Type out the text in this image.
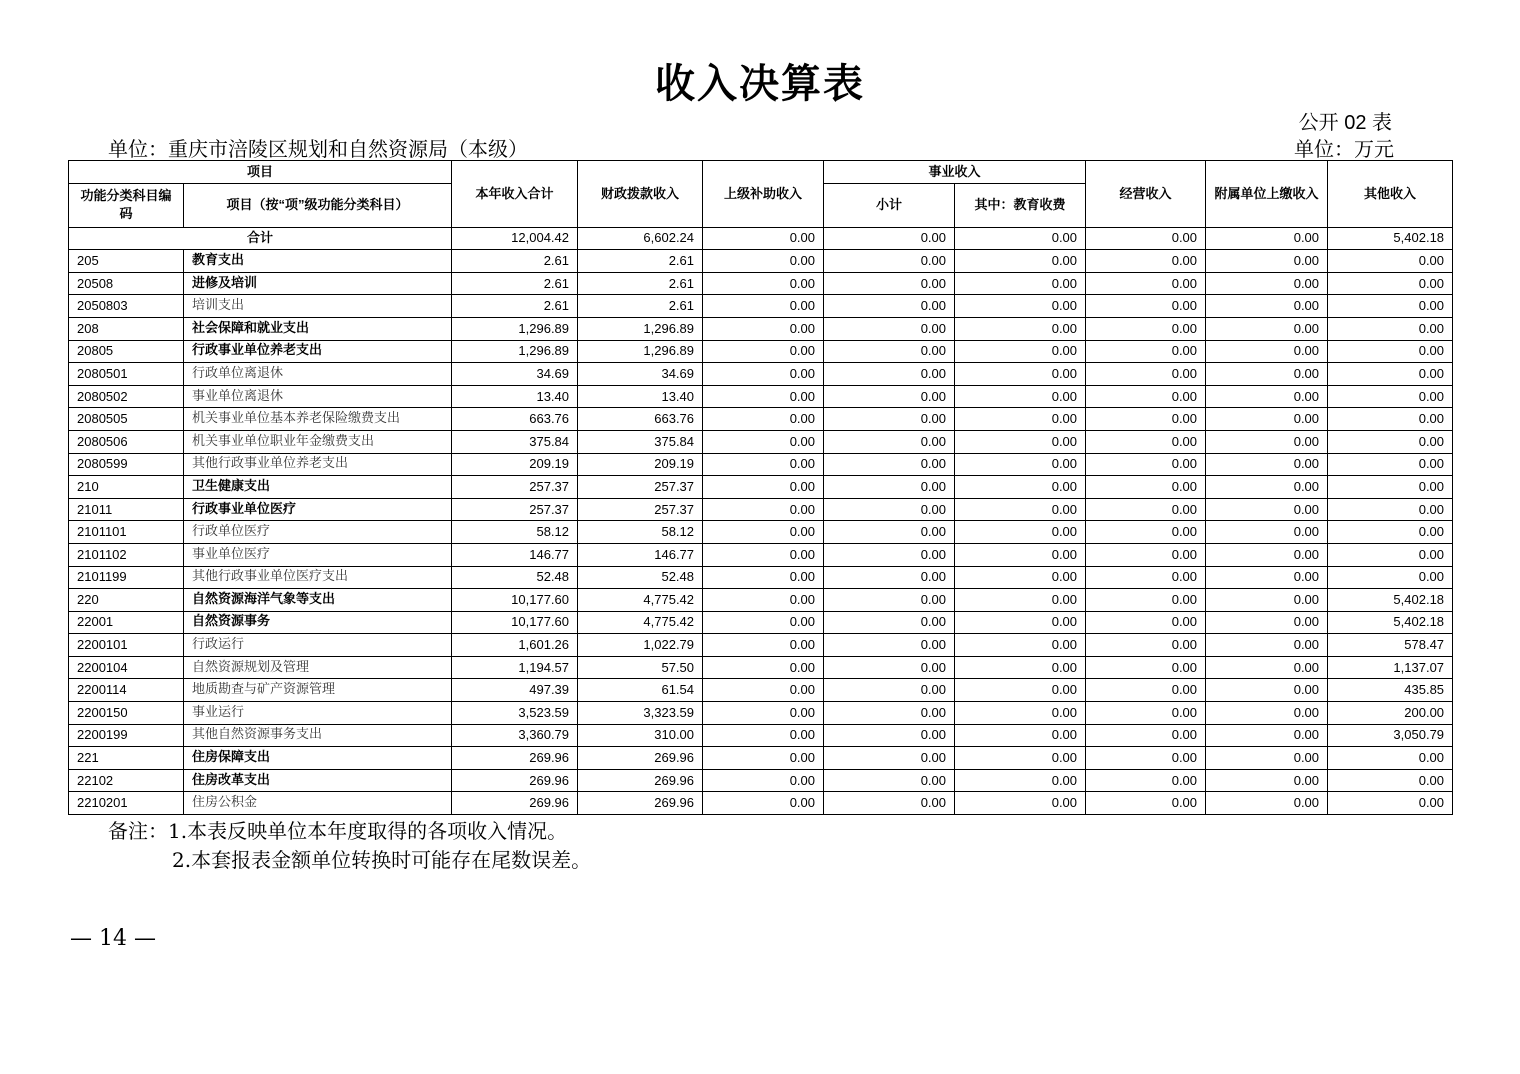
收入决算表
公开 02 表
单位：重庆市涪陵区规划和自然资源局（本级）	单位：万元
项目		本年收入合计	财政拨款收入	上级补助收入	事业收入		经营收入	附属单位上缴收入	其他收入
功能分类科目编码	项目（按“项”级功能分类科目）				小计	其中：教育收费			
合计		12,004.42	6,602.24	0.00	0.00	0.00	0.00	0.00	5,402.18
205	教育支出	2.61	2.61	0.00	0.00	0.00	0.00	0.00	0.00
20508	进修及培训	2.61	2.61	0.00	0.00	0.00	0.00	0.00	0.00
2050803	培训支出	2.61	2.61	0.00	0.00	0.00	0.00	0.00	0.00
208	社会保障和就业支出	1,296.89	1,296.89	0.00	0.00	0.00	0.00	0.00	0.00
20805	行政事业单位养老支出	1,296.89	1,296.89	0.00	0.00	0.00	0.00	0.00	0.00
2080501	行政单位离退休	34.69	34.69	0.00	0.00	0.00	0.00	0.00	0.00
2080502	事业单位离退休	13.40	13.40	0.00	0.00	0.00	0.00	0.00	0.00
2080505	机关事业单位基本养老保险缴费支出	663.76	663.76	0.00	0.00	0.00	0.00	0.00	0.00
2080506	机关事业单位职业年金缴费支出	375.84	375.84	0.00	0.00	0.00	0.00	0.00	0.00
2080599	其他行政事业单位养老支出	209.19	209.19	0.00	0.00	0.00	0.00	0.00	0.00
210	卫生健康支出	257.37	257.37	0.00	0.00	0.00	0.00	0.00	0.00
21011	行政事业单位医疗	257.37	257.37	0.00	0.00	0.00	0.00	0.00	0.00
2101101	行政单位医疗	58.12	58.12	0.00	0.00	0.00	0.00	0.00	0.00
2101102	事业单位医疗	146.77	146.77	0.00	0.00	0.00	0.00	0.00	0.00
2101199	其他行政事业单位医疗支出	52.48	52.48	0.00	0.00	0.00	0.00	0.00	0.00
220	自然资源海洋气象等支出	10,177.60	4,775.42	0.00	0.00	0.00	0.00	0.00	5,402.18
22001	自然资源事务	10,177.60	4,775.42	0.00	0.00	0.00	0.00	0.00	5,402.18
2200101	行政运行	1,601.26	1,022.79	0.00	0.00	0.00	0.00	0.00	578.47
2200104	自然资源规划及管理	1,194.57	57.50	0.00	0.00	0.00	0.00	0.00	1,137.07
2200114	地质勘查与矿产资源管理	497.39	61.54	0.00	0.00	0.00	0.00	0.00	435.85
2200150	事业运行	3,523.59	3,323.59	0.00	0.00	0.00	0.00	0.00	200.00
2200199	其他自然资源事务支出	3,360.79	310.00	0.00	0.00	0.00	0.00	0.00	3,050.79
221	住房保障支出	269.96	269.96	0.00	0.00	0.00	0.00	0.00	0.00
22102	住房改革支出	269.96	269.96	0.00	0.00	0.00	0.00	0.00	0.00
2210201	住房公积金	269.96	269.96	0.00	0.00	0.00	0.00	0.00	0.00
备注：1.本表反映单位本年度取得的各项收入情况。
2.本套报表金额单位转换时可能存在尾数误差。
— 14 —
